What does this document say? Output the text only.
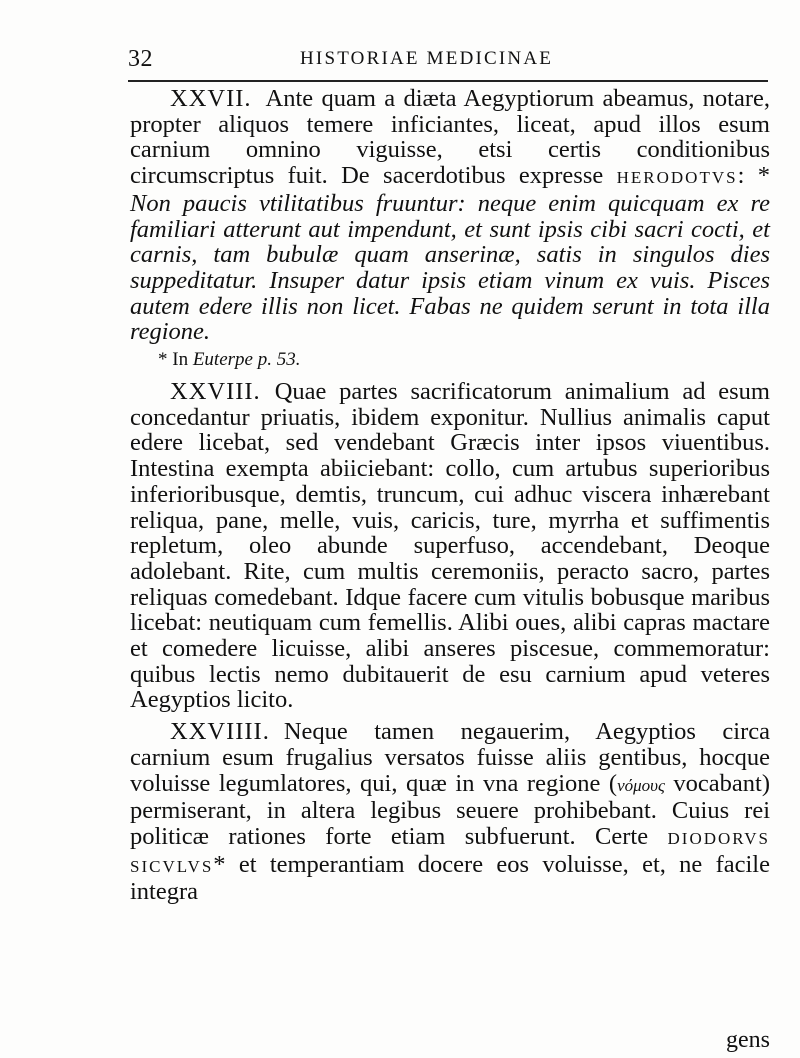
32	HISTORIAE MEDICINAE

XXVII. Ante quam a diæta Aegyptiorum abeamus, notare, propter aliquos temere inficiantes, liceat, apud illos esum carnium omnino viguisse, etsi certis conditionibus circumscriptus fuit. De sacerdotibus expresse HERODOTVS: * Non paucis vtilitatibus fruuntur: neque enim quicquam ex re familiari atterunt aut impendunt, et sunt ipsis cibi sacri cocti, et carnis, tam bubulæ quam anserinæ, satis in singulos dies suppeditatur. Insuper datur ipsis etiam vinum ex vuis. Pisces autem edere illis non licet. Fabas ne quidem serunt in tota illa regione.

* In Euterpe p. 53.

XXVIII. Quae partes sacrificatorum animalium ad esum concedantur priuatis, ibidem exponitur. Nullius animalis caput edere licebat, sed vendebant Græcis inter ipsos viuentibus. Intestina exempta abiiciebant: collo, cum artubus superioribus inferioribusque, demtis, truncum, cui adhuc viscera inhærebant reliqua, pane, melle, vuis, caricis, ture, myrrha et suffimentis repletum, oleo abunde superfuso, accendebant, Deoque adolebant. Rite, cum multis ceremoniis, peracto sacro, partes reliquas comedebant. Idque facere cum vitulis bobusque maribus licebat: neutiquam cum femellis. Alibi oues, alibi capras mactare et comedere licuisse, alibi anseres piscesue, commemoratur: quibus lectis nemo dubitauerit de esu carnium apud veteres Aegyptios licito.

XXVIIII. Neque tamen negauerim, Aegyptios circa carnium esum frugalius versatos fuisse aliis gentibus, hocque voluisse legumlatores, qui, quæ in vna regione (νόμους vocabant) permiserant, in altera legibus seuere prohibebant. Cuius rei politicæ rationes forte etiam subfuerunt. Certe DIODORVS SICVLVS* et temperantiam docere eos voluisse, et, ne facile integra

gens
